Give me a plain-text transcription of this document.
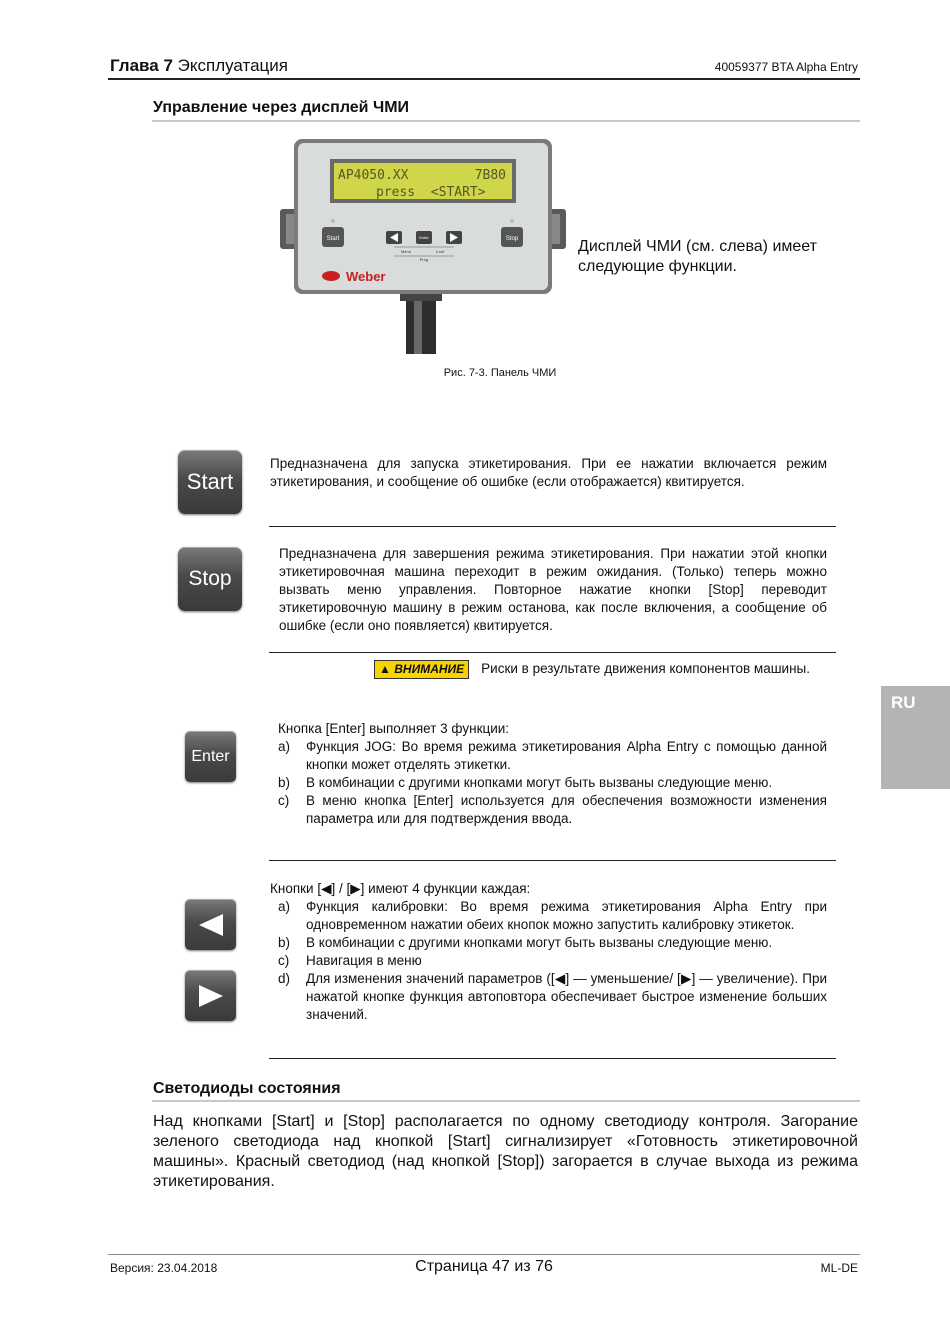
Глава 7 Эксплуатация	40059377 BTA Alpha Entry
Управление через дисплей ЧМИ
AP4050.XX	7B80
press  <START>
Start	Stop
Enter
Menu	Conf
Prog
Weber
Дисплей ЧМИ (см. слева) имеет следующие функции.
Рис. 7-3. Панель ЧМИ
Start
Предназначена для запуска этикетирования. При ее нажатии включается режим этикетирования, и сообщение об ошибке (если отображается) квитируется.
Stop
Предназначена для завершения режима этикетирования. При нажатии этой кнопки этикетировочная машина переходит в режим ожидания. (Только) теперь можно вызвать меню управления. Повторное нажатие кнопки [Stop] переводит этикетировочную машину в режим останова, как после включения, а сообщение об ошибке (если оно появляется) квитируется.
▲ ВНИМАНИЕ Риски в результате движения компонентов машины.
Enter
Кнопка [Enter] выполняет 3 функции:
a) Функция JOG: Во время режима этикетирования Alpha Entry с помощью данной кнопки может отделять этикетки.
b) В комбинации с другими кнопками могут быть вызваны следующие меню.
c) В меню кнопка [Enter] используется для обеспечения возможности изменения параметра или для подтверждения ввода.
Кнопки [◀] / [▶] имеют 4 функции каждая:
a) Функция калибровки: Во время режима этикетирования Alpha Entry при одновременном нажатии обеих кнопок можно запустить калибровку этикеток.
b) В комбинации с другими кнопками могут быть вызваны следующие меню.
c) Навигация в меню
d) Для изменения значений параметров ([◀] — уменьшение/ [▶] — увеличение). При нажатой кнопке функция автоповтора обеспечивает быстрое изменение больших значений.
Светодиоды состояния
Над кнопками [Start] и [Stop] располагается по одному светодиоду контроля. Загорание зеленого светодиода над кнопкой [Start] сигнализирует «Готовность этикетировочной машины». Красный светодиод (над кнопкой [Stop]) загорается в случае выхода из режима этикетирования.
RU
Версия: 23.04.2018	Страница 47 из 76	ML-DE
